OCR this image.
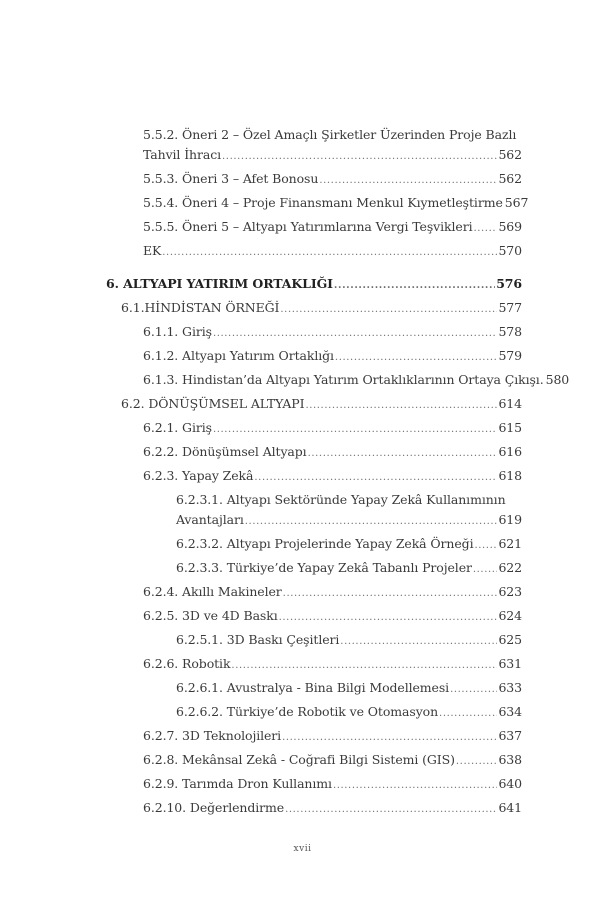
5.5.2. Öneri 2 – Özel Amaçlı Şirketler Üzerinden Proje Bazlı
Tahvil İhracı .....	562
5.5.3. Öneri 3 – Afet Bonosu .....	562
5.5.4. Öneri 4 – Proje Finansmanı Menkul Kıymetleştirme 567
5.5.5. Öneri 5 – Altyapı Yatırımlarına Vergi Teşvikleri ..... 569
EK .....	570
6. ALTYAPI YATIRIM ORTAKLIĞI .....	576
6.1.HİNDİSTAN ÖRNEĞİ .....	577
6.1.1. Giriş .....	578
6.1.2. Altyapı Yatırım Ortaklığı .....	579
6.1.3. Hindistan’da Altyapı Yatırım Ortaklıklarının Ortaya Çıkışı. 580
6.2. DÖNÜŞÜMSEL ALTYAPI .....	614
6.2.1. Giriş .....	615
6.2.2. Dönüşümsel Altyapı .....	616
6.2.3. Yapay Zekâ .....	618
6.2.3.1. Altyapı Sektöründe Yapay Zekâ Kullanımının
Avantajları .....	619
6.2.3.2. Altyapı Projelerinde Yapay Zekâ Örneği ..... 621
6.2.3.3. Türkiye’de Yapay Zekâ Tabanlı Projeler ..... 622
6.2.4. Akıllı Makineler .....	623
6.2.5. 3D ve 4D Baskı .....	624
6.2.5.1. 3D Baskı Çeşitleri .....	625
6.2.6. Robotik .....	631
6.2.6.1. Avustralya - Bina Bilgi Modellemesi .....	633
6.2.6.2. Türkiye’de Robotik ve Otomasyon .....	634
6.2.7. 3D Teknolojileri .....	637
6.2.8. Mekânsal Zekâ - Coğrafi Bilgi Sistemi (GIS) .....	638
6.2.9. Tarımda Dron Kullanımı .....	640
6.2.10. Değerlendirme .....	641
xvii
